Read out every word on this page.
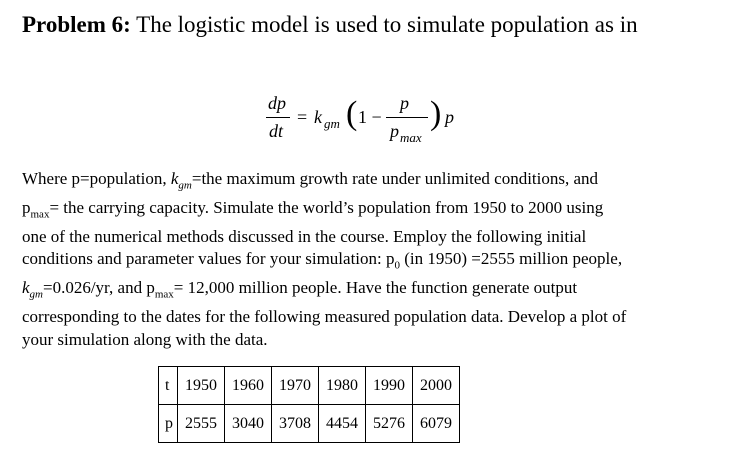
Problem 6: The logistic model is used to simulate population as in
dp
dt
= k gm ( 1 −
p
p max
) p
Where p=population, $k_{gm}=the$ maximum growth rate under unlimited conditions, and
$p_{max}=$ the carrying capacity. Simulate the world’s population from 1950 to 2000 using
one of the numerical methods discussed in the course. Employ the following initial
conditions and parameter values for your simulation: $p_0$ (in 1950) =2555 million people,
$k_{gm}=0.026/yr$, and $p_{max}= 12,000$ million people. Have the function generate output
corresponding to the dates for the following measured population data. Develop a plot of
your simulation along with the data.
t	1950	1960	1970	1980	1990	2000
p	2555	3040	3708	4454	5276	6079
